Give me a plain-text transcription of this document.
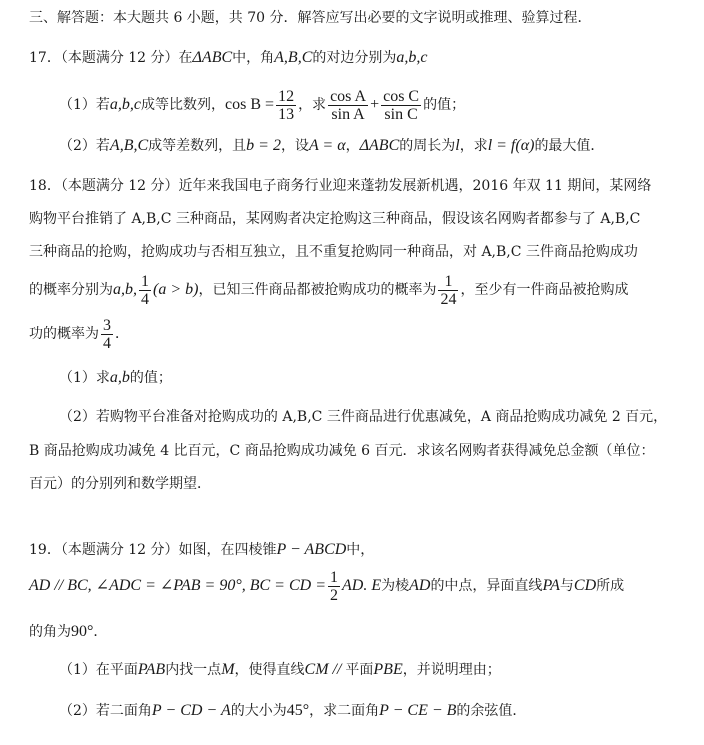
三、解答题：本大题共 6 小题，共 70 分．解答应写出必要的文字说明或推理、验算过程．
17．（本题满分 12 分）在ΔABC中，角A,B,C的对边分别为a,b,c
（1）若a,b,c成等比数列，$\cos B = \frac{12}{13}$ ，求 $\frac{\text{cos A}}{\text{sin A}} + \frac{\text{cos C}}{\text{sin C}}$ 的值；
（2）若A,B,C成等差数列，且b = 2，设A = α，ΔABC的周长为l，求l = f(α)的最大值．
18．（本题满分 12 分）近年来我国电子商务行业迎来蓬勃发展新机遇，2016 年双 11 期间，某网络
购物平台推销了 A,B,C 三种商品，某网购者决定抢购这三种商品，假设该名网购者都参与了 A,B,C
三种商品的抢购，抢购成功与否相互独立，且不重复抢购同一种商品，对 A,B,C 三件商品抢购成功
的概率分别为a,b, $\frac{1}{4} (a > b)$，已知三件商品都被抢购成功的概率为 $\frac{1}{24}$ ，至少有一件商品被抢购成
功的概率为 $\frac{3}{4}$ ．
（1）求a,b的值；
（2）若购物平台准备对抢购成功的 A,B,C 三件商品进行优惠减免，A 商品抢购成功减免 2 百元，
B 商品抢购成功减免 4 比百元，C 商品抢购成功减免 6 百元．求该名网购者获得减免总金额（单位：
百元）的分别列和数学期望．
19．（本题满分 12 分）如图，在四棱锥P − ABCD中，
AD // BC, ∠ADC = ∠PAB = 90°, BC = CD = $\frac{1}{2}$ AD. E为棱AD的中点，异面直线PA与CD所成
的角为90°．
（1）在平面PAB内找一点M，使得直线CM // 平面PBE，并说明理由；
（2）若二面角P − CD − A的大小为45°，求二面角P − CE − B的余弦值．
